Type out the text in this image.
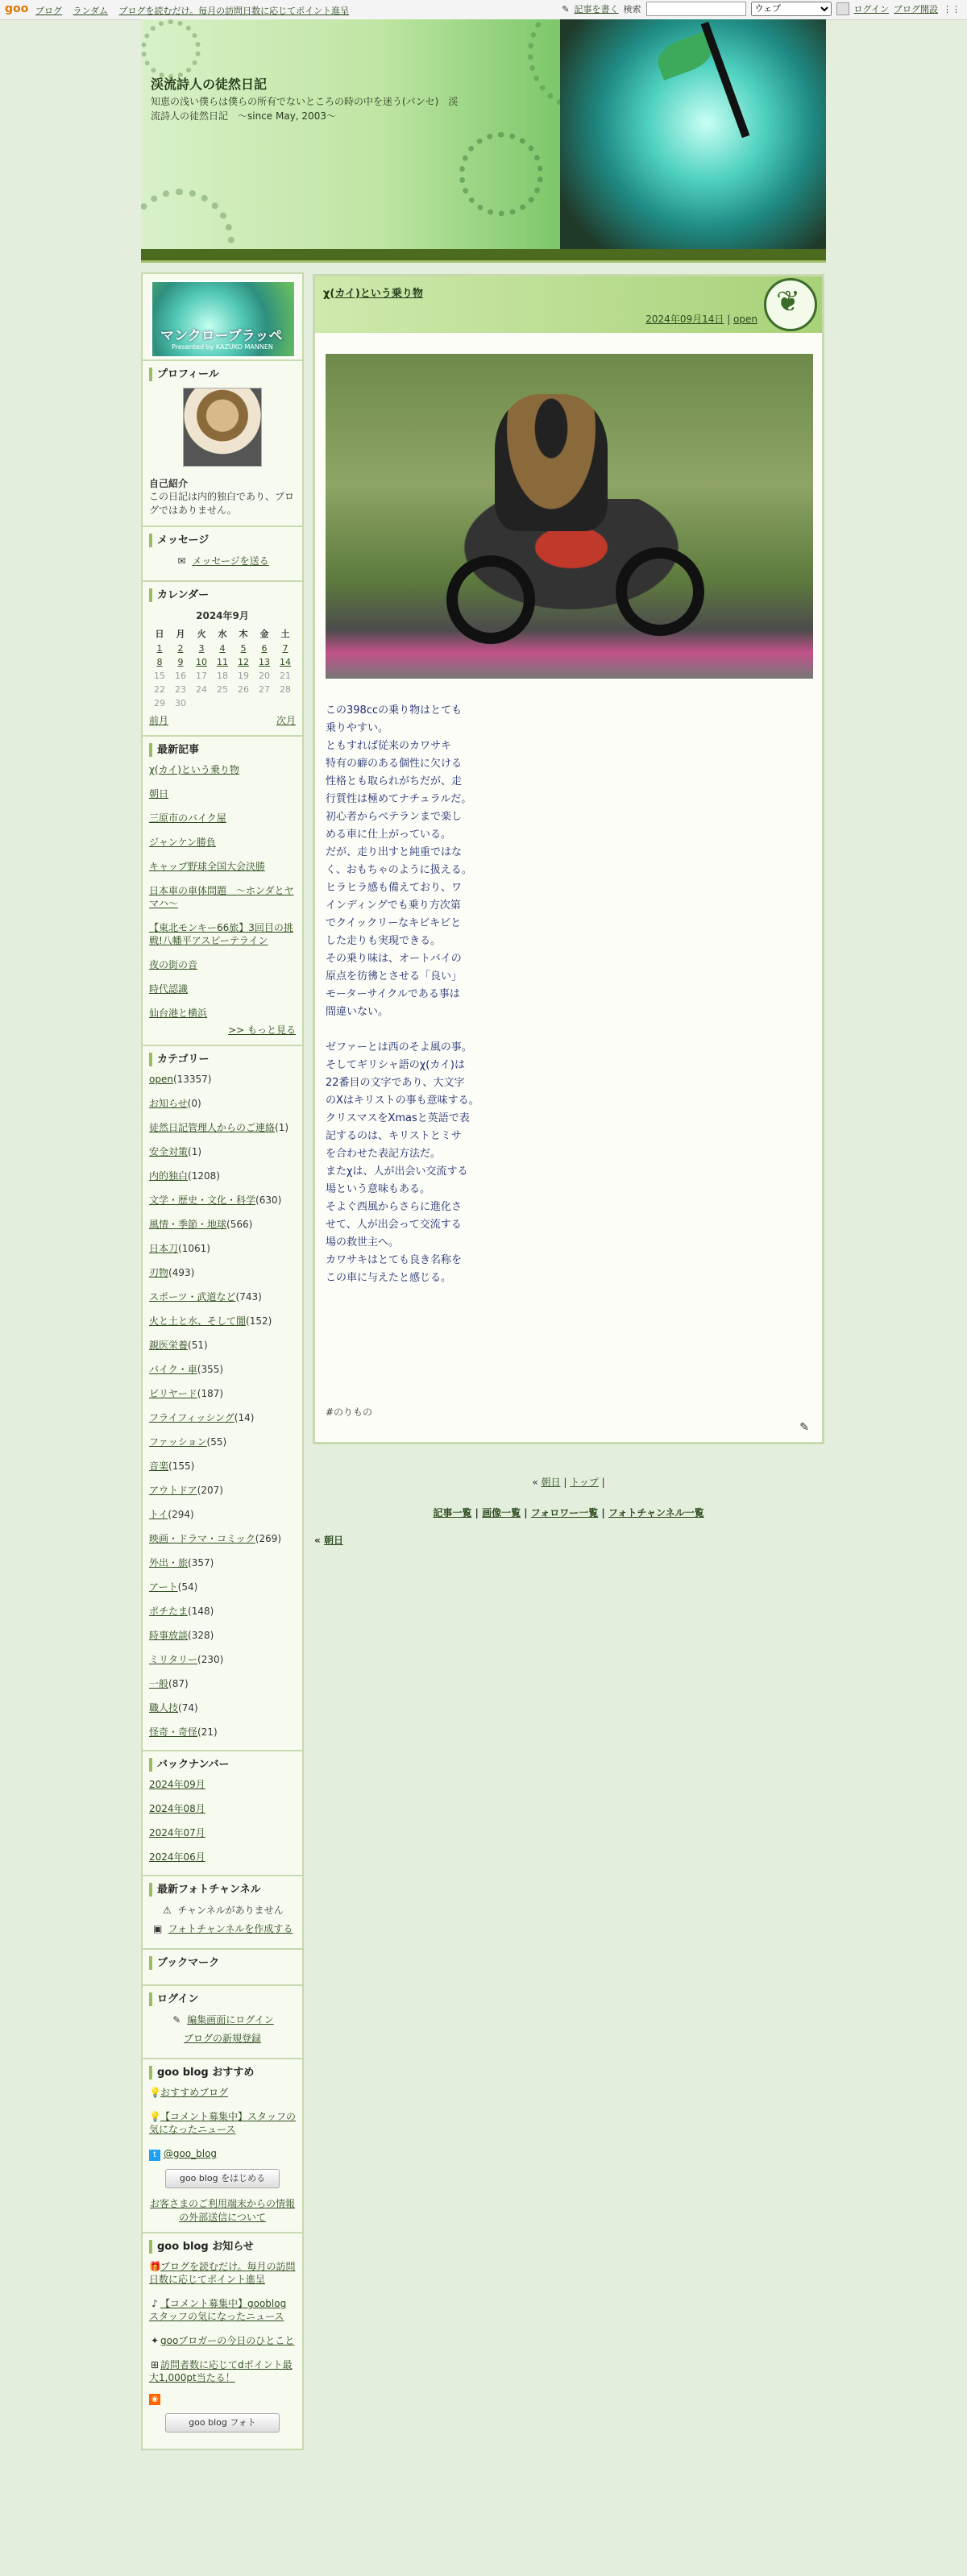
goo ブログ ランダム ブログを読むだけ。毎月の訪問日数に応じてポイント進呈	✎ 記事を書く 検索
ウェブ	ログイン ブログ開設 ⋮⋮
渓流詩人の徒然日記
知恵の浅い僕らは僕らの所有でないところの時の中を迷う(パンセ)　渓流詩人の徒然日記　～since May, 2003～
マンクローブラッペ
Presented by KAZUKO MANNEN
プロフィール
自己紹介
この日記は内的独白であり、ブログではありません。
メッセージ
✉ メッセージを送る
カレンダー
2024年9月
日	月	火	水	木	金	土
1	2	3	4	5	6	7
8	9	10	11	12	13	14
15	16	17	18	19	20	21
22	23	24	25	26	27	28
29	30					
前月	次月
最新記事
χ(カイ)という乗り物
朝日
三原市のバイク屋
ジャンケン勝負
キャップ野球全国大会決勝
日本車の車体問題　～ホンダとヤマハ～
【東北モンキー66旅】3回目の挑戦!八幡平アスピーテライン
夜の街の音
時代認識
仙台港と横浜
>> もっと見る
カテゴリー
open(13357)
お知らせ(0)
徒然日記管理人からのご連絡(1)
安全対策(1)
内的独白(1208)
文学・歴史・文化・科学(630)
風情・季節・地球(566)
日本刀(1061)
刃物(493)
スポーツ・武道など(743)
火と土と水、そして闇(152)
親医栄養(51)
バイク・車(355)
ビリヤード(187)
フライフィッシング(14)
ファッション(55)
音楽(155)
アウトドア(207)
トイ(294)
映画・ドラマ・コミック(269)
外出・旅(357)
アート(54)
ポチたま(148)
時事放談(328)
ミリタリー(230)
一般(87)
職人技(74)
怪奇・奇怪(21)
バックナンバー
2024年09月
2024年08月
2024年07月
2024年06月
最新フォトチャンネル
⚠ チャンネルがありません
▣ フォトチャンネルを作成する
ブックマーク
ログイン
✎ 編集画面にログイン
ブログの新規登録
goo blog おすすめ
💡おすすめブログ
💡【コメント募集中】スタッフの気になったニュース
t @goo_blog
goo blog をはじめる
お客さまのご利用端末からの情報の外部送信について
goo blog お知らせ
🎁ブログを読むだけ。毎月の訪問日数に応じてポイント進呈
♪ 【コメント募集中】gooblogスタッフの気になったニュース
✦ gooブロガーの今日のひとこと
⊞ 訪問者数に応じてdポイント最大1,000pt当たる！
◉
goo blog フォト
χ(カイ)という乗り物
2024年09月14日 | open
❦
この398ccの乗り物はとても
乗りやすい。
ともすれば従来のカワサキ
特有の癖のある個性に欠ける
性格とも取られがちだが、走
行質性は極めてナチュラルだ。
初心者からベテランまで楽し
める車に仕上がっている。
だが、走り出すと純重ではな
く、おもちゃのように扱える。
ヒラヒラ感も備えており、ワ
インディングでも乗り方次第
でクイックリーなキビキビと
した走りも実現できる。
その乗り味は、オートバイの
原点を彷彿とさせる「良い」
モーターサイクルである事は
間違いない。

ゼファーとは西のそよ風の事。
そしてギリシャ語のχ(カイ)は
22番目の文字であり、大文字
のXはキリストの事も意味する。
クリスマスをXmasと英語で表
記するのは、キリストとミサ
を合わせた表記方法だ。
またχは、人が出会い交流する
場という意味もある。
そよぐ西風からさらに進化さ
せて、人が出会って交流する
場の救世主へ。
カワサキはとても良き名称を
この車に与えたと感じる。
#のりもの
✎
« 朝日 | トップ |
記事一覧 | 画像一覧 | フォロワー一覧 | フォトチャンネル一覧
« 朝日
